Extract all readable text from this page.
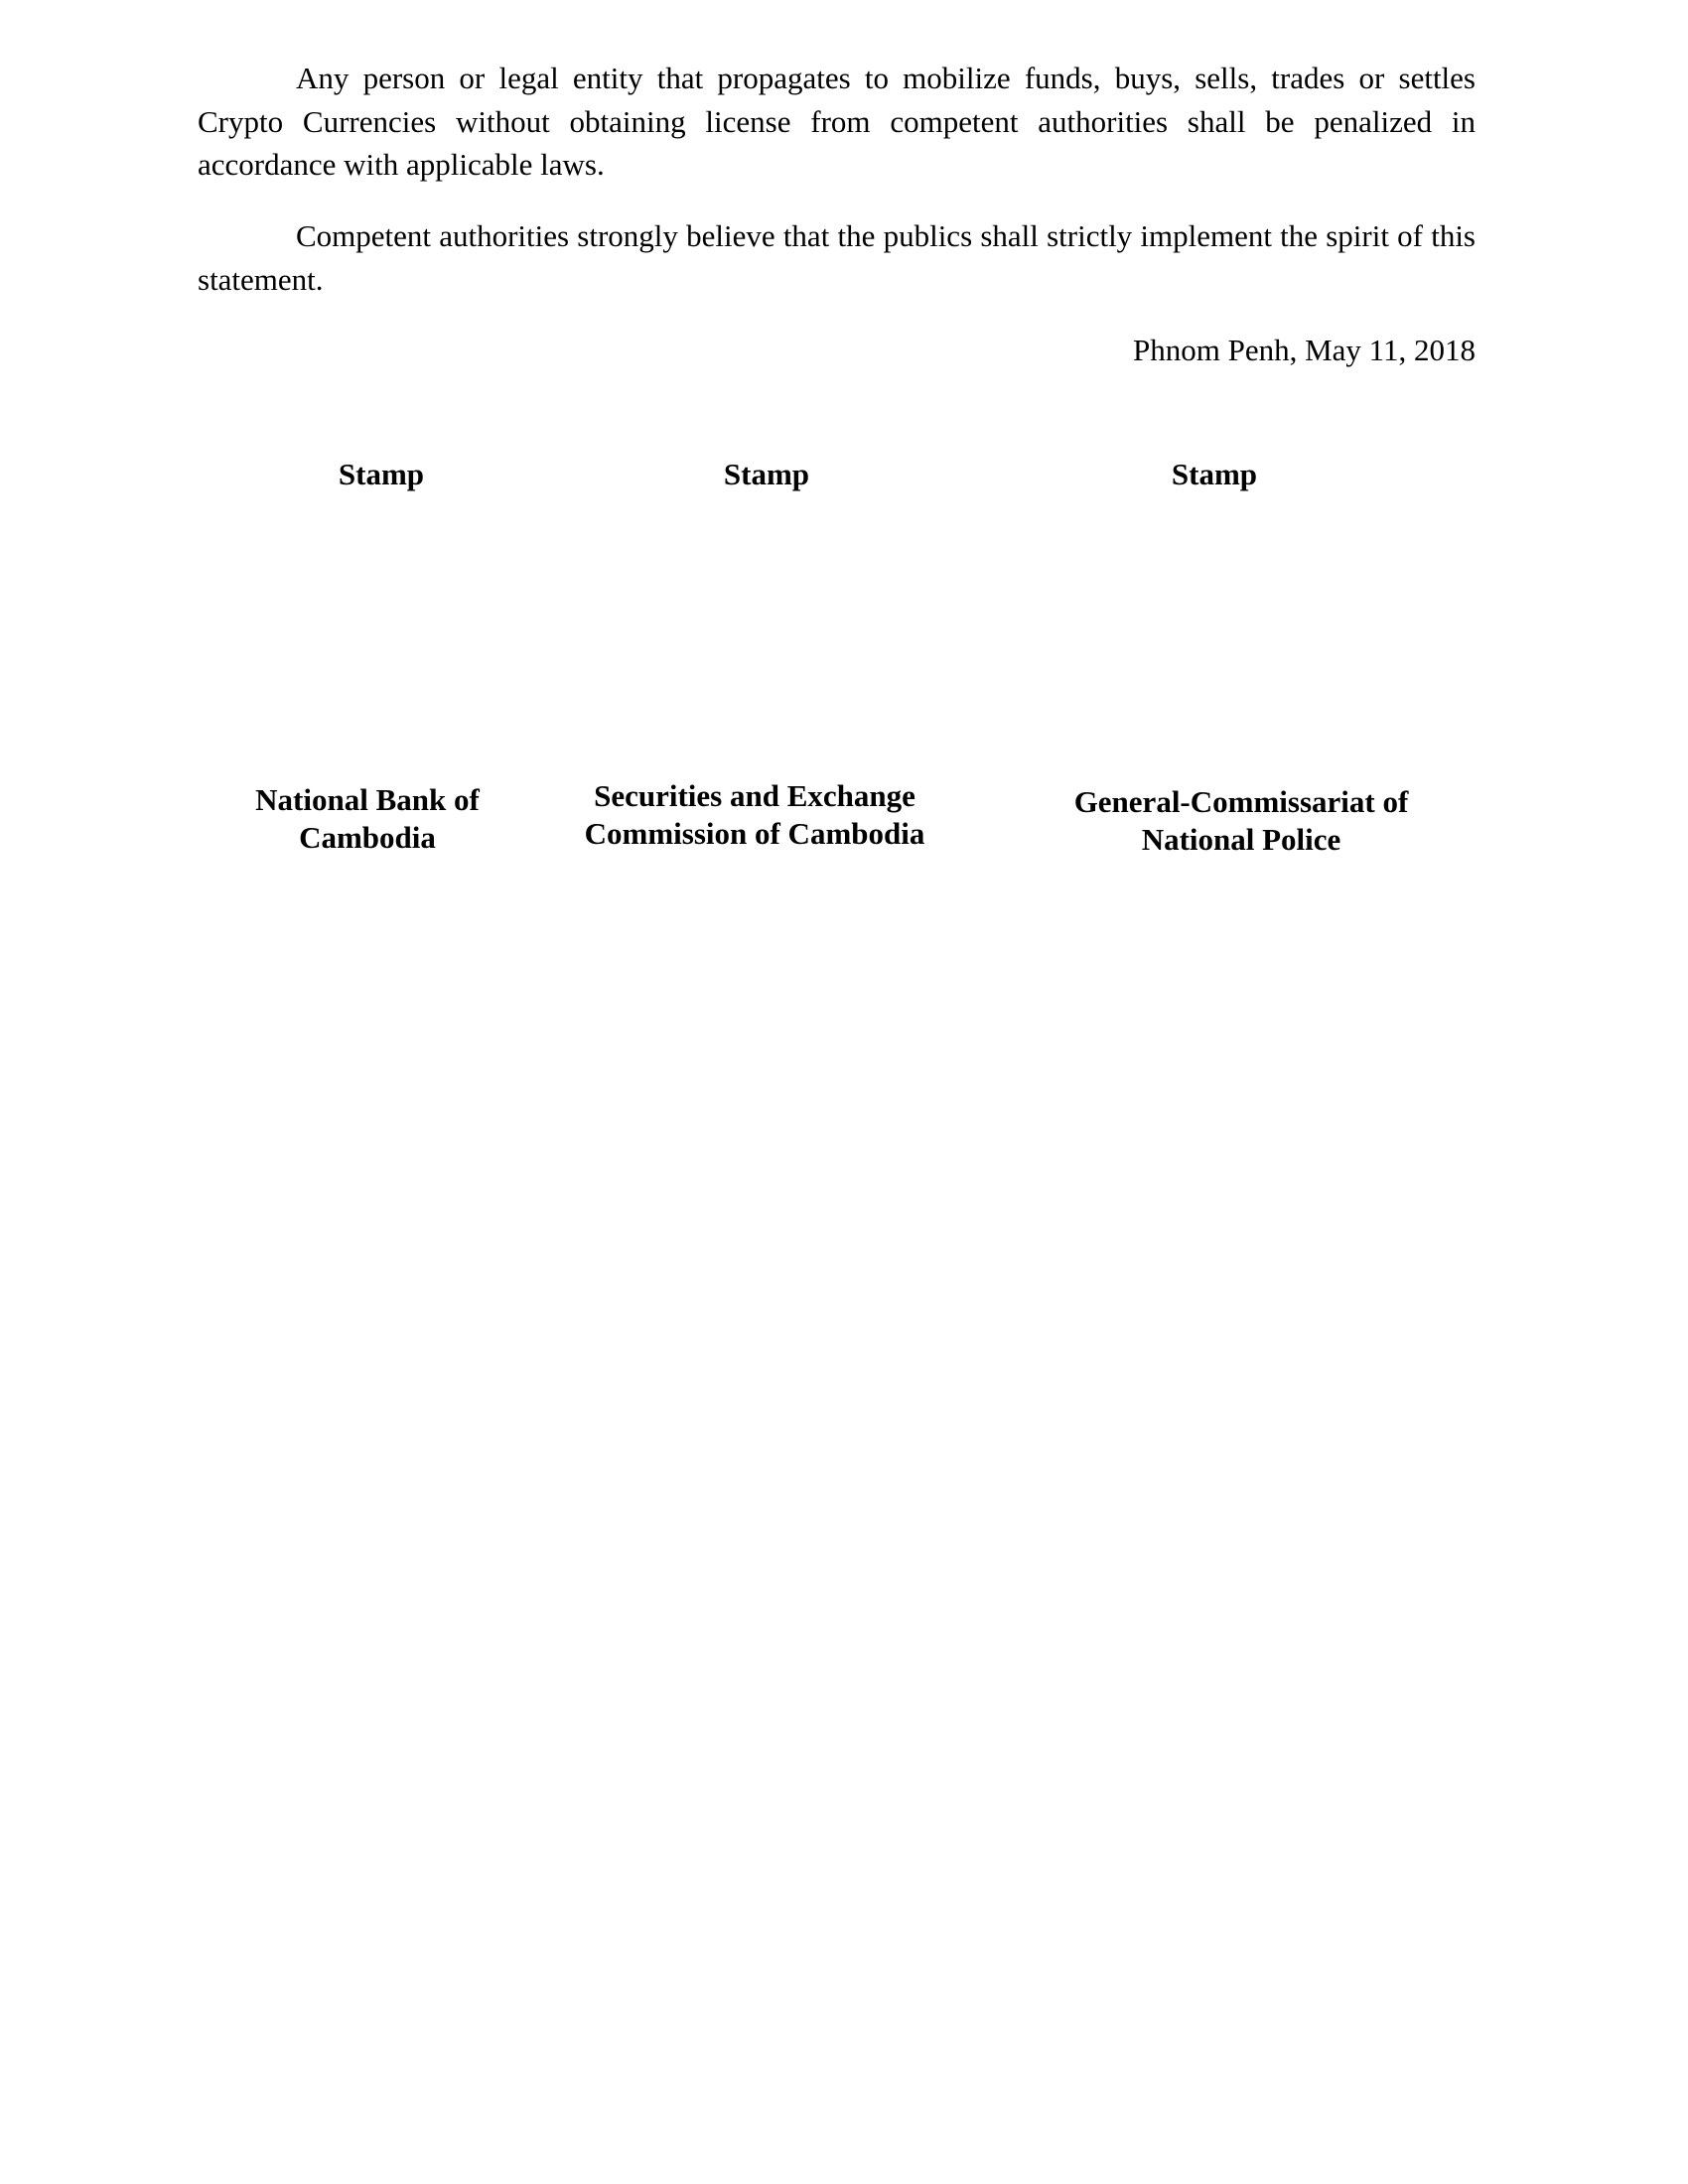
Any person or legal entity that propagates to mobilize funds, buys, sells, trades or settles Crypto Currencies without obtaining license from competent authorities shall be penalized in accordance with applicable laws.

Competent authorities strongly believe that the publics shall strictly implement the spirit of this statement.

Phnom Penh, May 11, 2018
Stamp	Stamp	Stamp
National Bank of
Cambodia
Securities and Exchange
Commission of Cambodia
General-Commissariat of
National Police
